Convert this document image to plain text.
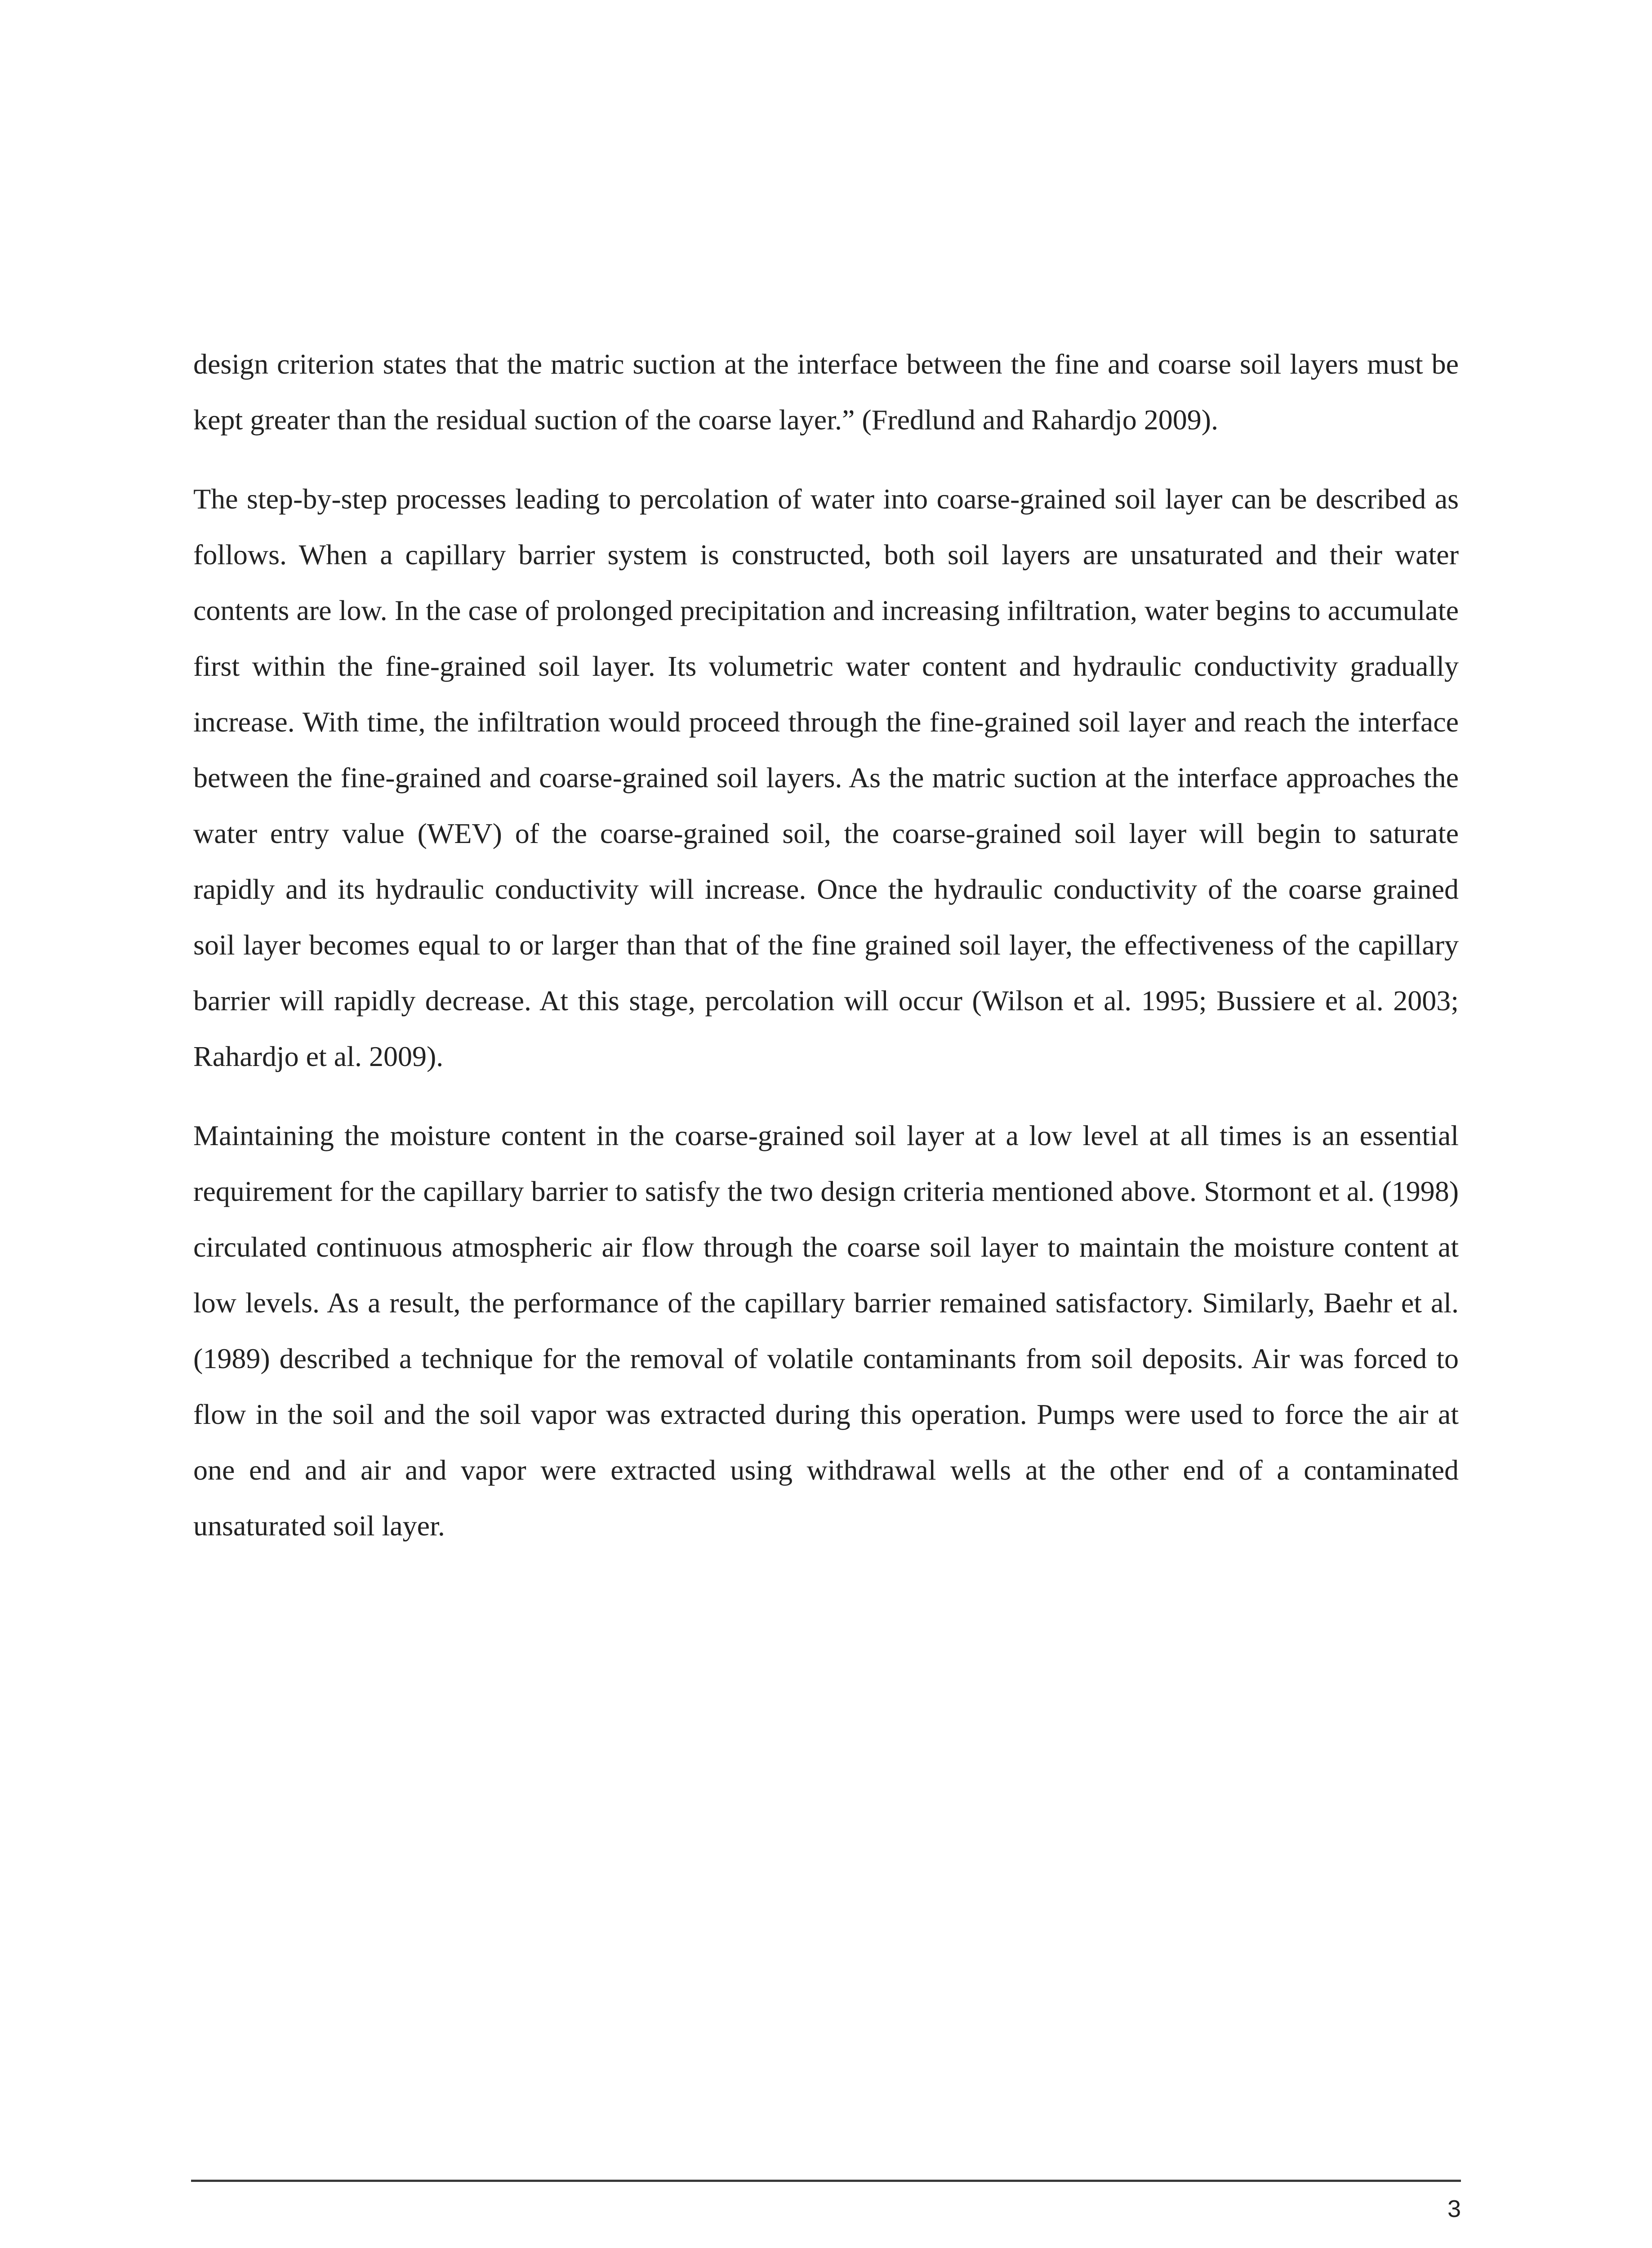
design criterion states that the matric suction at the interface between the fine and coarse soil layers must be kept greater than the residual suction of the coarse layer.” (Fredlund and Rahardjo 2009).

The step-by-step processes leading to percolation of water into coarse-grained soil layer can be described as follows. When a capillary barrier system is constructed, both soil layers are unsaturated and their water contents are low. In the case of prolonged precipitation and increasing infiltration, water begins to accumulate first within the fine-grained soil layer. Its volumetric water content and hydraulic conductivity gradually increase. With time, the infiltration would proceed through the fine-grained soil layer and reach the interface between the fine-grained and coarse-grained soil layers. As the matric suction at the interface approaches the water entry value (WEV) of the coarse-grained soil, the coarse-grained soil layer will begin to saturate rapidly and its hydraulic conductivity will increase. Once the hydraulic conductivity of the coarse grained soil layer becomes equal to or larger than that of the fine grained soil layer, the effectiveness of the capillary barrier will rapidly decrease. At this stage, percolation will occur (Wilson et al. 1995; Bussiere et al. 2003; Rahardjo et al. 2009).

Maintaining the moisture content in the coarse-grained soil layer at a low level at all times is an essential requirement for the capillary barrier to satisfy the two design criteria mentioned above. Stormont et al. (1998) circulated continuous atmospheric air flow through the coarse soil layer to maintain the moisture content at low levels. As a result, the performance of the capillary barrier remained satisfactory. Similarly, Baehr et al. (1989) described a technique for the removal of volatile contaminants from soil deposits. Air was forced to flow in the soil and the soil vapor was extracted during this operation. Pumps were used to force the air at one end and air and vapor were extracted using withdrawal wells at the other end of a contaminated unsaturated soil layer.

3
